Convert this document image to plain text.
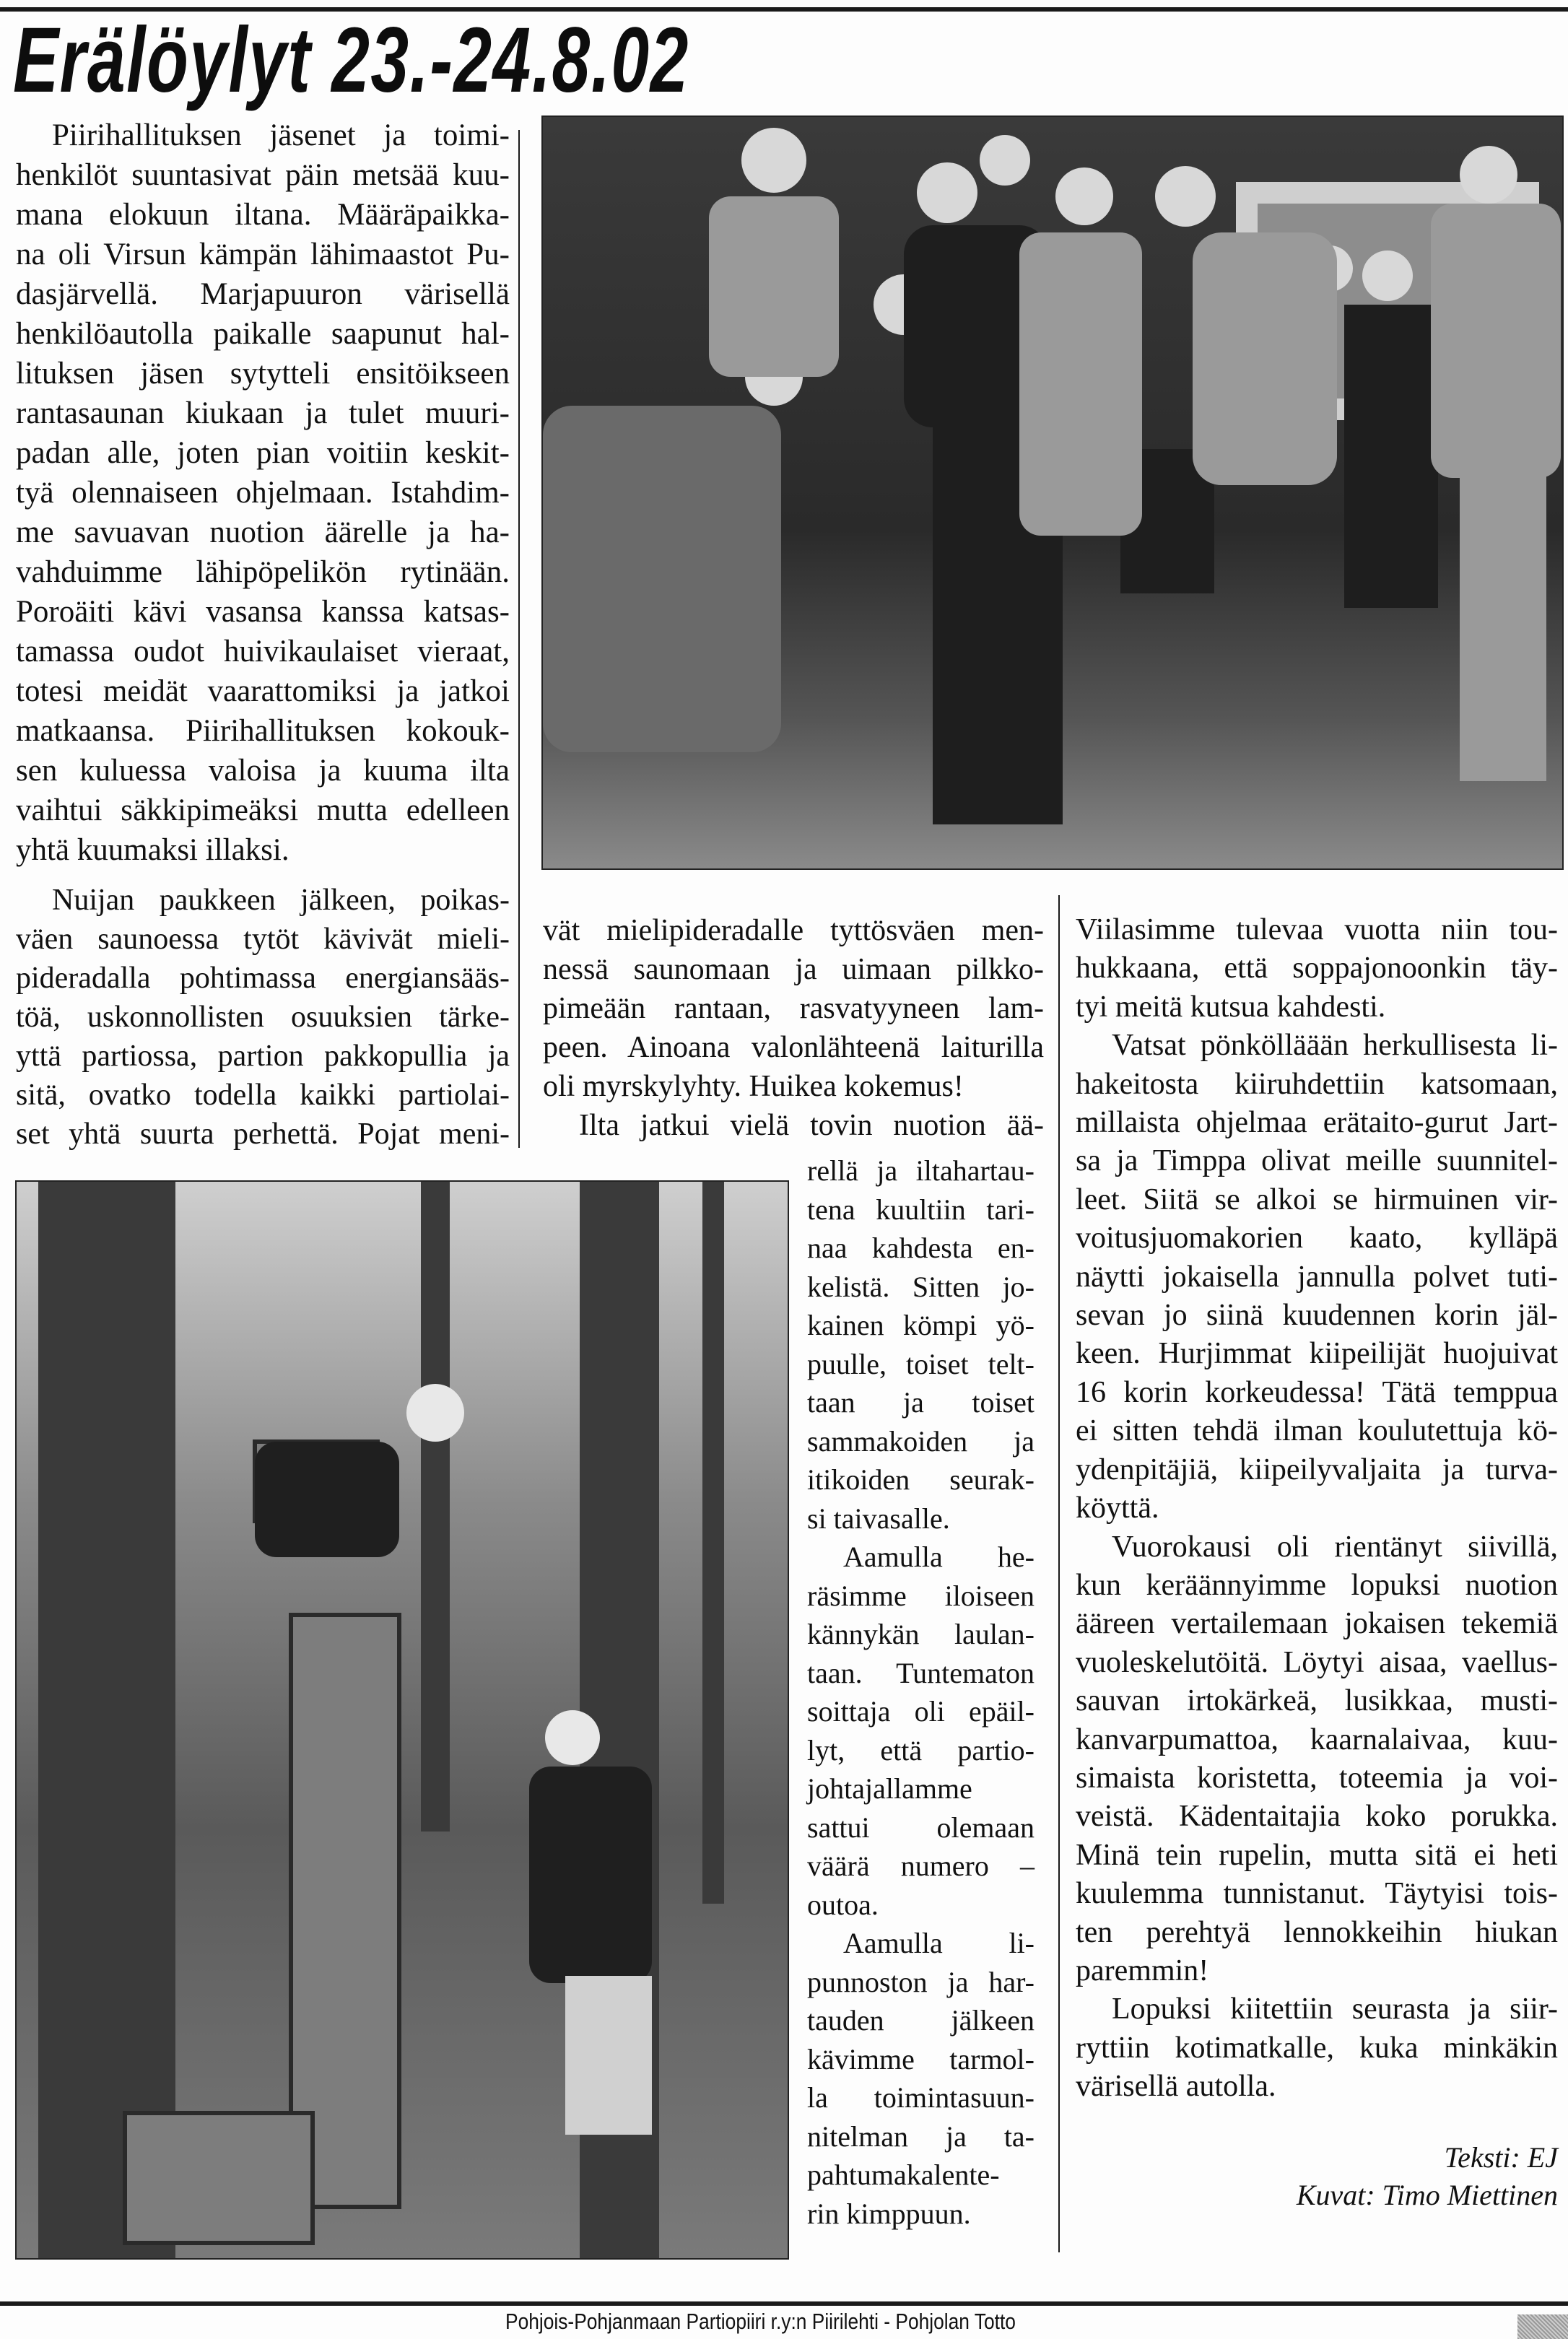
Erälöylyt 23.-24.8.02
Piirihallituksen jäsenet ja toimi-
henkilöt suuntasivat päin metsää kuu-
mana elokuun iltana. Määräpaikka-
na oli Virsun kämpän lähimaastot Pu-
dasjärvellä. Marjapuuron värisellä
henkilöautolla paikalle saapunut hal-
lituksen jäsen sytytteli ensitöikseen
rantasaunan kiukaan ja tulet muuri-
padan alle, joten pian voitiin keskit-
tyä olennaiseen ohjelmaan. Istahdim-
me savuavan nuotion äärelle ja ha-
vahduimme lähipöpelikön rytinään.
Poroäiti kävi vasansa kanssa katsas-
tamassa oudot huivikaulaiset vieraat,
totesi meidät vaarattomiksi ja jatkoi
matkaansa. Piirihallituksen kokouk-
sen kuluessa valoisa ja kuuma ilta
vaihtui säkkipimeäksi mutta edelleen
yhtä kuumaksi illaksi.
Nuijan paukkeen jälkeen, poikas-
väen saunoessa tytöt kävivät mieli-
pideradalla pohtimassa energiansääs-
töä, uskonnollisten osuuksien tärke-
yttä partiossa, partion pakkopullia ja
sitä, ovatko todella kaikki partiolai-
set yhtä suurta perhettä. Pojat meni-
vät mielipideradalle tyttösväen men-
nessä saunomaan ja uimaan pilkko-
pimeään rantaan, rasvatyyneen lam-
peen. Ainoana valonlähteenä laiturilla
oli myrskylyhty. Huikea kokemus!
Ilta jatkui vielä tovin nuotion ää-
rellä ja iltahartau-
tena kuultiin tari-
naa kahdesta en-
kelistä. Sitten jo-
kainen kömpi yö-
puulle, toiset telt-
taan ja toiset
sammakoiden ja
itikoiden seurak-
si taivasalle.
Aamulla he-
räsimme iloiseen
kännykän laulan-
taan. Tuntematon
soittaja oli epäil-
lyt, että partio-
johtajallamme
sattui olemaan
väärä numero –
outoa.
Aamulla li-
punnoston ja har-
tauden jälkeen
kävimme tarmol-
la toimintasuun-
nitelman ja ta-
pahtumakalente-
rin kimppuun.
Viilasimme tulevaa vuotta niin tou-
hukkaana, että soppajonoonkin täy-
tyi meitä kutsua kahdesti.
Vatsat pönkölläään herkullisesta li-
hakeitosta kiiruhdettiin katsomaan,
millaista ohjelmaa erätaito-gurut Jart-
sa ja Timppa olivat meille suunnitel-
leet. Siitä se alkoi se hirmuinen vir-
voitusjuomakorien kaato, kylläpä
näytti jokaisella jannulla polvet tuti-
sevan jo siinä kuudennen korin jäl-
keen. Hurjimmat kiipeilijät huojuivat
16 korin korkeudessa! Tätä temppua
ei sitten tehdä ilman koulutettuja kö-
ydenpitäjiä, kiipeilyvaljaita ja turva-
köyttä.
Vuorokausi oli rientänyt siivillä,
kun keräännyimme lopuksi nuotion
ääreen vertailemaan jokaisen tekemiä
vuoleskelutöitä. Löytyi aisaa, vaellus-
sauvan irtokärkeä, lusikkaa, musti-
kanvarpumattoa, kaarnalaivaa, kuu-
simaista koristetta, toteemia ja voi-
veistä. Kädentaitajia koko porukka.
Minä tein rupelin, mutta sitä ei heti
kuulemma tunnistanut. Täytyisi tois-
ten perehtyä lennokkeihin hiukan
paremmin!
Lopuksi kiitettiin seurasta ja siir-
ryttiin kotimatkalle, kuka minkäkin
värisellä autolla.
Teksti: EJ
Kuvat: Timo Miettinen
Pohjois-Pohjanmaan Partiopiiri r.y:n Piirilehti - Pohjolan Totto
